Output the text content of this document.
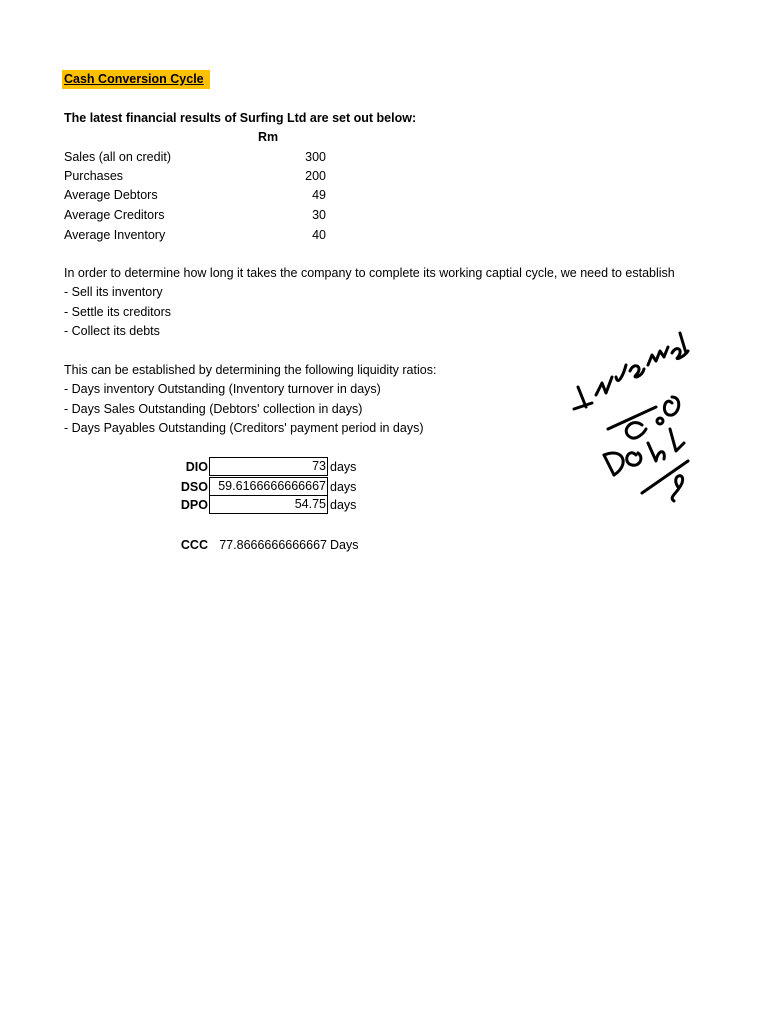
Cash Conversion Cycle
The latest financial results of Surfing Ltd are set out below:
Rm
Sales (all on credit)	300
Purchases	200
Average Debtors	49
Average Creditors	30
Average Inventory	40
In order to determine how long it takes the company to complete its working captial cycle, we need to establish
- Sell its inventory
- Settle its creditors
- Collect its debts
This can be established by determining the following liquidity ratios:
- Days inventory Outstanding (Inventory turnover in days)
- Days Sales Outstanding (Debtors' collection in days)
- Days Payables Outstanding (Creditors' payment period in days)
DIO	73 days
DSO 59.6166666666667 days
DPO	54.75 days
CCC 77.8666666666667 Days
